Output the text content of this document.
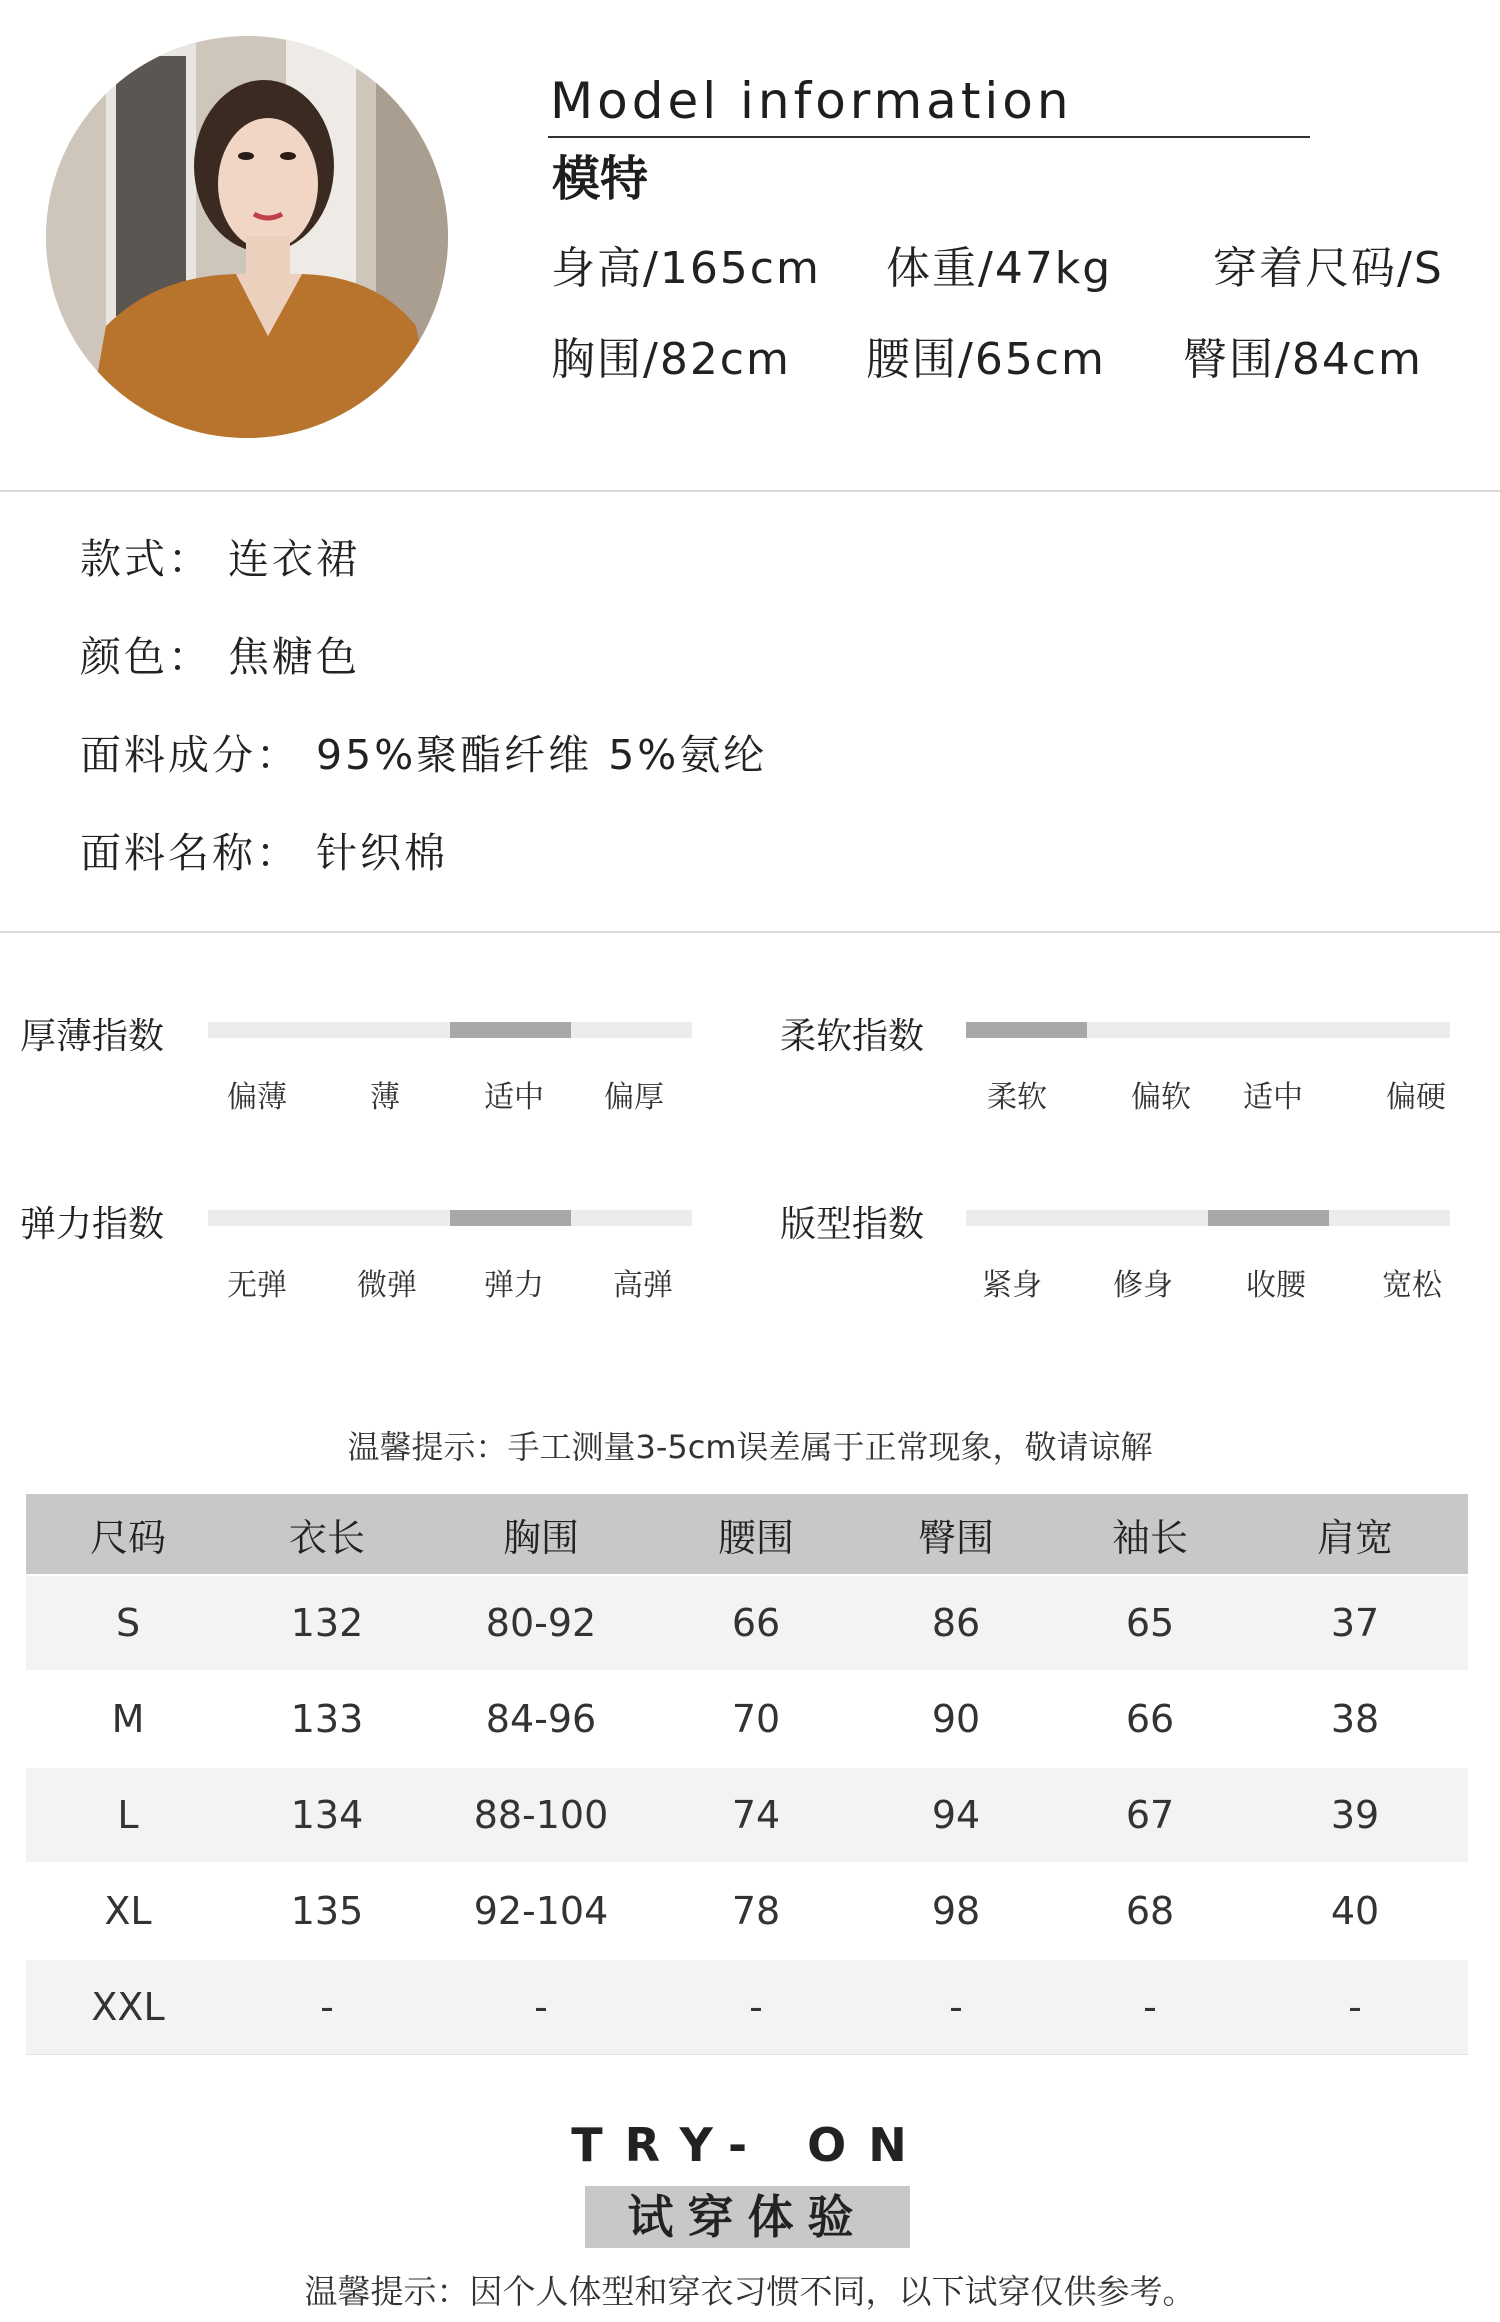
Model information
模特
身高/165cm 体重/47kg 穿着尺码/S
胸围/82cm 腰围/65cm 臀围/84cm
款式： 连衣裙
颜色： 焦糖色
面料成分： 95%聚酯纤维 5%氨纶
面料名称： 针织棉
厚薄指数
偏薄	薄	适中	偏厚
柔软指数
柔软	偏软	适中	偏硬
弹力指数
无弹	微弹	弹力	高弹
版型指数
紧身	修身	收腰	宽松
温馨提示：手工测量3-5cm误差属于正常现象，敬请谅解
尺码	衣长	胸围	腰围	臀围	袖长	肩宽
S	132	80-92	66	86	65	37
M	133	84-96	70	90	66	38
L	134	88-100	74	94	67	39
XL	135	92-104	78	98	68	40
XXL	-	-	-	-	-	-
TRY- ON
试穿体验
温馨提示：因个人体型和穿衣习惯不同，以下试穿仅供参考。
